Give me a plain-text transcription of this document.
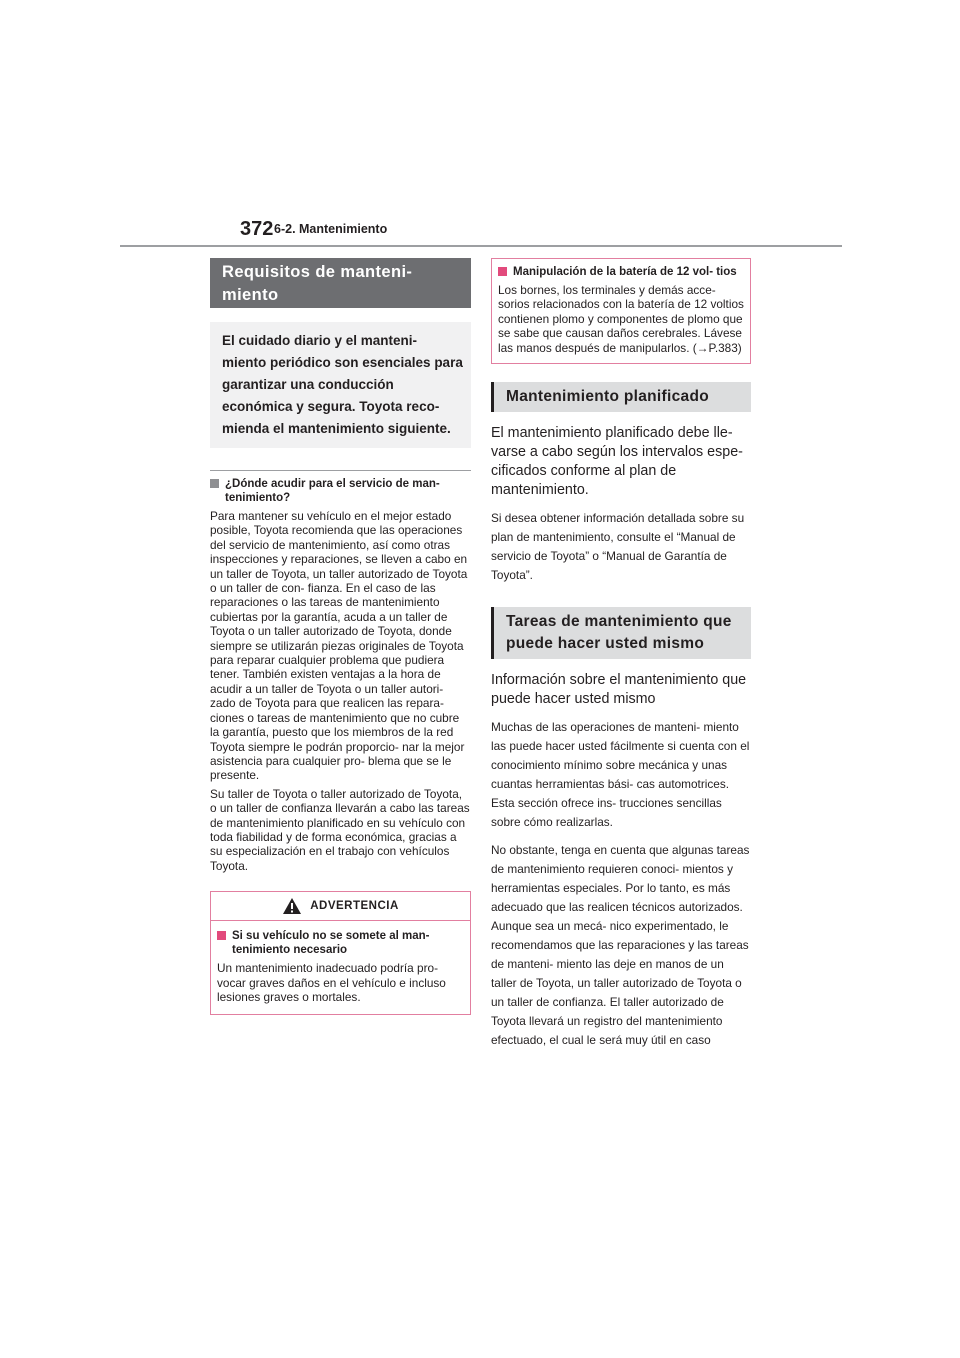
372 6-2. Mantenimiento
Requisitos de manteni- miento
El cuidado diario y el manteni- miento periódico son esenciales para garantizar una conducción económica y segura. Toyota reco- mienda el mantenimiento siguiente.
¿Dónde acudir para el servicio de man- tenimiento?
Para mantener su vehículo en el mejor estado posible, Toyota recomienda que las operaciones del servicio de mantenimiento, así como otras inspecciones y reparaciones, se lleven a cabo en un taller de Toyota, un taller autorizado de Toyota o un taller de con- fianza. En el caso de las reparaciones o las tareas de mantenimiento cubiertas por la garantía, acuda a un taller de Toyota o un taller autorizado de Toyota, donde siempre se utilizarán piezas originales de Toyota para reparar cualquier problema que pudiera tener. También existen ventajas a la hora de acudir a un taller de Toyota o un taller autori- zado de Toyota para que realicen las repara- ciones o tareas de mantenimiento que no cubre la garantía, puesto que los miembros de la red Toyota siempre le podrán proporcio- nar la mejor asistencia para cualquier pro- blema que se le presente.
Su taller de Toyota o taller autorizado de Toyota, o un taller de confianza llevarán a cabo las tareas de mantenimiento planificado en su vehículo con toda fiabilidad y de forma económica, gracias a su especialización en el trabajo con vehículos Toyota.
ADVERTENCIA
Si su vehículo no se somete al man- tenimiento necesario
Un mantenimiento inadecuado podría pro- vocar graves daños en el vehículo e incluso lesiones graves o mortales.
Manipulación de la batería de 12 vol- tios
Los bornes, los terminales y demás acce- sorios relacionados con la batería de 12 voltios contienen plomo y componentes de plomo que se sabe que causan daños cerebrales. Lávese las manos después de manipularlos. (→P.383)
Mantenimiento planificado
El mantenimiento planificado debe lle- varse a cabo según los intervalos espe- cificados conforme al plan de mantenimiento.
Si desea obtener información detallada sobre su plan de mantenimiento, consulte el “Manual de servicio de Toyota” o “Manual de Garantía de Toyota”.
Tareas de mantenimiento que puede hacer usted mismo
Información sobre el mantenimiento que puede hacer usted mismo
Muchas de las operaciones de manteni- miento las puede hacer usted fácilmente si cuenta con el conocimiento mínimo sobre mecánica y unas cuantas herramientas bási- cas automotrices. Esta sección ofrece ins- trucciones sencillas sobre cómo realizarlas.
No obstante, tenga en cuenta que algunas tareas de mantenimiento requieren conoci- mientos y herramientas especiales. Por lo tanto, es más adecuado que las realicen técnicos autorizados. Aunque sea un mecá- nico experimentado, le recomendamos que las reparaciones y las tareas de manteni- miento las deje en manos de un taller de Toyota, un taller autorizado de Toyota o un taller de confianza. El taller autorizado de Toyota llevará un registro del mantenimiento efectuado, el cual le será muy útil en caso
